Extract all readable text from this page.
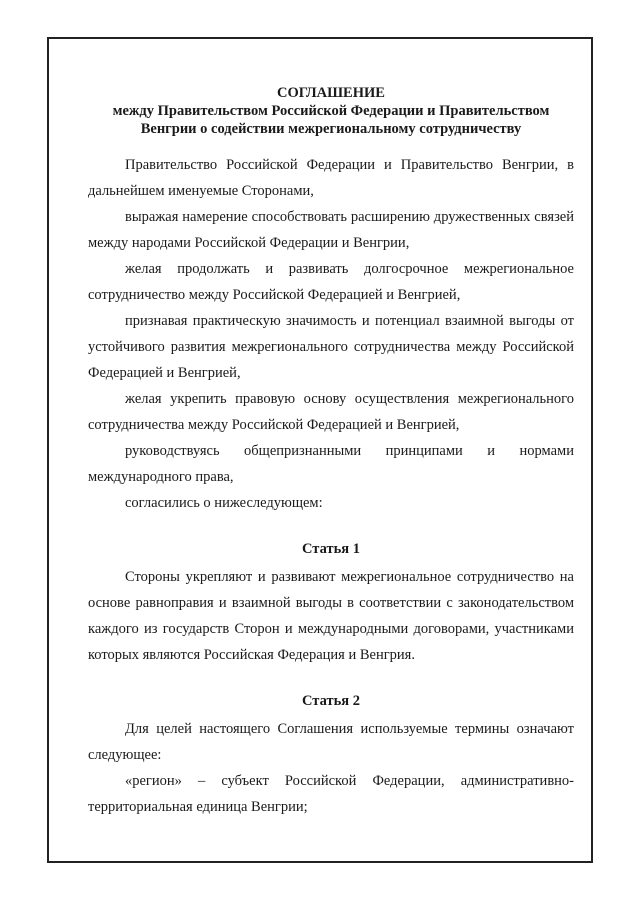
СОГЛАШЕНИЕ

между Правительством Российской Федерации и Правительством

Венгрии о содействии межрегиональному сотрудничеству

Правительство Российской Федерации и Правительство Венгрии, в дальнейшем именуемые Сторонами,

выражая намерение способствовать расширению дружественных связей между народами Российской Федерации и Венгрии,

желая продолжать и развивать долгосрочное межрегиональное сотрудничество между Российской Федерацией и Венгрией,

признавая практическую значимость и потенциал взаимной выгоды от устойчивого развития межрегионального сотрудничества между Российской Федерацией и Венгрией,

желая укрепить правовую основу осуществления межрегионального сотрудничества между Российской Федерацией и Венгрией,

руководствуясь общепризнанными принципами и нормами международного права,

согласились о нижеследующем:

Статья 1

Стороны укрепляют и развивают межрегиональное сотрудничество на основе равноправия и взаимной выгоды в соответствии с законодательством каждого из государств Сторон и международными договорами, участниками которых являются Российская Федерация и Венгрия.

Статья 2

Для целей настоящего Соглашения используемые термины означают следующее:

«регион» – субъект Российской Федерации, административно-территориальная единица Венгрии;
